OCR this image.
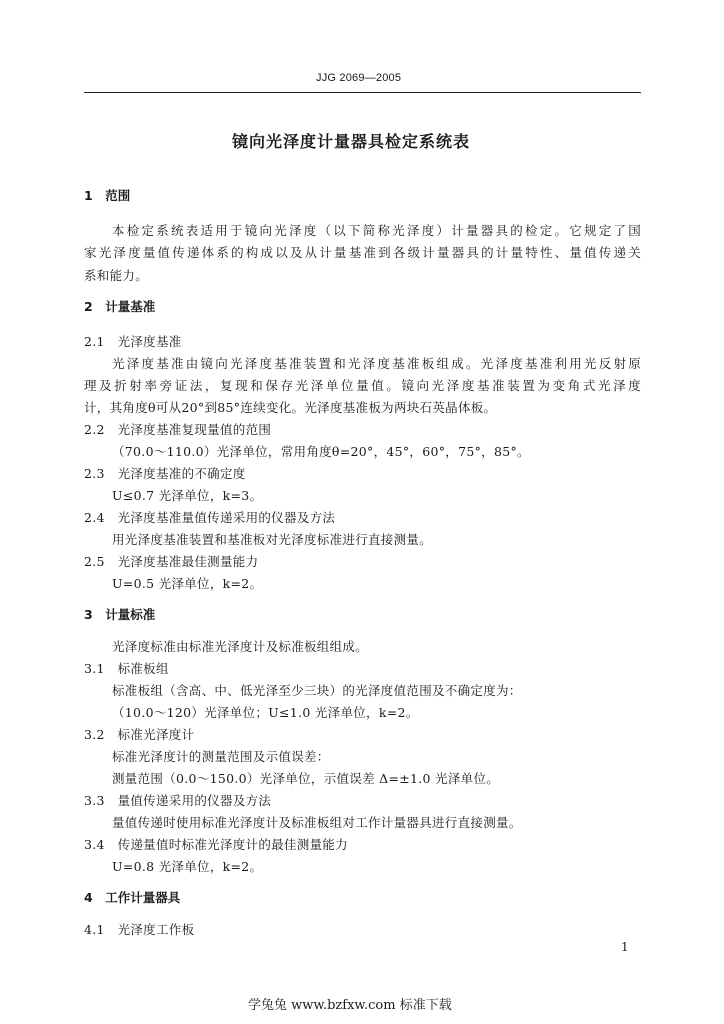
JJG 2069—2005
镜向光泽度计量器具检定系统表
1　范围
本检定系统表适用于镜向光泽度（以下简称光泽度）计量器具的检定。它规定了国
家光泽度量值传递体系的构成以及从计量基准到各级计量器具的计量特性、量值传递关
系和能力。
2　计量基准
2.1　光泽度基准
光泽度基准由镜向光泽度基准装置和光泽度基准板组成。光泽度基准利用光反射原
理及折射率旁证法，复现和保存光泽单位量值。镜向光泽度基准装置为变角式光泽度
计，其角度θ可从20°到85°连续变化。光泽度基准板为两块石英晶体板。
2.2　光泽度基准复现量值的范围
（70.0～110.0）光泽单位，常用角度θ=20°，45°，60°，75°，85°。
2.3　光泽度基准的不确定度
U≤0.7 光泽单位，k=3。
2.4　光泽度基准量值传递采用的仪器及方法
用光泽度基准装置和基准板对光泽度标准进行直接测量。
2.5　光泽度基准最佳测量能力
U=0.5 光泽单位，k=2。
3　计量标准
光泽度标准由标准光泽度计及标准板组组成。
3.1　标准板组
标准板组（含高、中、低光泽至少三块）的光泽度值范围及不确定度为：
（10.0～120）光泽单位；U≤1.0 光泽单位，k=2。
3.2　标准光泽度计
标准光泽度计的测量范围及示值误差：
测量范围（0.0～150.0）光泽单位，示值误差 Δ=±1.0 光泽单位。
3.3　量值传递采用的仪器及方法
量值传递时使用标准光泽度计及标准板组对工作计量器具进行直接测量。
3.4　传递量值时标准光泽度计的最佳测量能力
U=0.8 光泽单位，k=2。
4　工作计量器具
4.1　光泽度工作板
1
学兔兔 www.bzfxw.com 标准下载
